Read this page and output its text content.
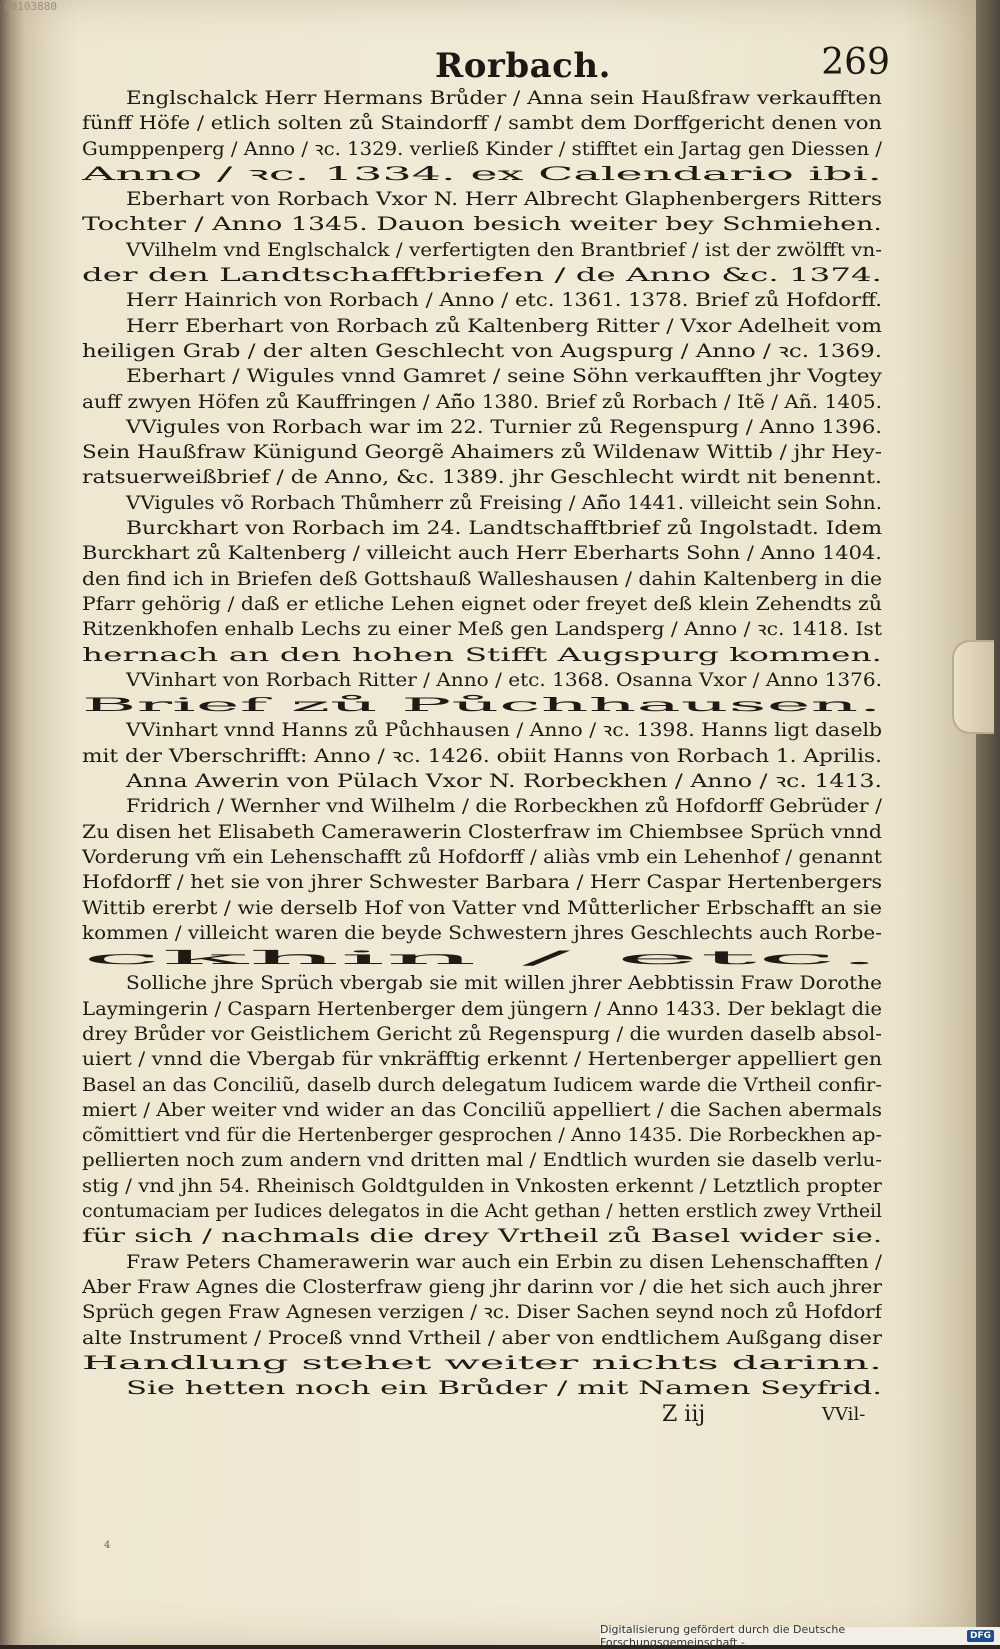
00103880
Rorbach.	269
Englschalck Herr Hermans Brůder / Anna sein Haußfraw verkaufften
fünff Höfe / etlich solten zů Staindorff / sambt dem Dorffgericht denen von
Gumppenperg / Anno / ꝛc. 1329. verließ Kinder / stifftet ein Jartag gen Diessen /
Anno / ꝛc. 1334. ex Calendario ibi.
Eberhart von Rorbach Vxor N. Herr Albrecht Glaphenbergers Ritters
Tochter / Anno 1345. Dauon besich weiter bey Schmiehen.
VVilhelm vnd Englschalck / verfertigten den Brantbrief / ist der zwölfft vn-
der den Landtschafftbriefen / de Anno &c. 1374.
Herr Hainrich von Rorbach / Anno / etc. 1361. 1378. Brief zů Hofdorff.
Herr Eberhart von Rorbach zů Kaltenberg Ritter / Vxor Adelheit vom
heiligen Grab / der alten Geschlecht von Augspurg / Anno / ꝛc. 1369.
Eberhart / Wigules vnnd Gamret / seine Söhn verkaufften jhr Vogtey
auff zwyen Höfen zů Kauffringen / Añ̃o 1380. Brief zů Rorbach / Itẽ / Añ. 1405.
VVigules von Rorbach war im 22. Turnier zů Regenspurg / Anno 1396.
Sein Haußfraw Künigund Georgẽ Ahaimers zů Wildenaw Wittib / jhr Hey-
ratsuerweißbrief / de Anno, &c. 1389. jhr Geschlecht wirdt nit benennt.
VVigules võ Rorbach Thůmherr zů Freising / Añ̃o 1441. villeicht sein Sohn.
Burckhart von Rorbach im 24. Landtschafftbrief zů Ingolstadt. Idem
Burckhart zů Kaltenberg / villeicht auch Herr Eberharts Sohn / Anno 1404.
den find ich in Briefen deß Gottshauß Walleshausen / dahin Kaltenberg in die
Pfarr gehörig / daß er etliche Lehen eignet oder freyet deß klein Zehendts zů
Ritzenkhofen enhalb Lechs zu einer Meß gen Landsperg / Anno / ꝛc. 1418. Ist
hernach an den hohen Stifft Augspurg kommen.
VVinhart von Rorbach Ritter / Anno / etc. 1368. Osanna Vxor / Anno 1376.
Brief zů Půchhausen.
VVinhart vnnd Hanns zů Půchhausen / Anno / ꝛc. 1398. Hanns ligt daselb
mit der Vberschrifft: Anno / ꝛc. 1426. obiit Hanns von Rorbach 1. Aprilis.
Anna Awerin von Pülach Vxor N. Rorbeckhen / Anno / ꝛc. 1413.
Fridrich / Wernher vnd Wilhelm / die Rorbeckhen zů Hofdorff Gebrüder /
Zu disen het Elisabeth Camerawerin Closterfraw im Chiembsee Sprüch vnnd
Vorderung vm̃ ein Lehenschafft zů Hofdorff / aliàs vmb ein Lehenhof / genannt
Hofdorff / het sie von jhrer Schwester Barbara / Herr Caspar Hertenbergers
Wittib ererbt / wie derselb Hof von Vatter vnd Můtterlicher Erbschafft an sie
kommen / villeicht waren die beyde Schwestern jhres Geschlechts auch Rorbe-
ckhin / etc.
Solliche jhre Sprüch vbergab sie mit willen jhrer Aebbtissin Fraw Dorothe
Laymingerin / Casparn Hertenberger dem jüngern / Anno 1433. Der beklagt die
drey Brůder vor Geistlichem Gericht zů Regenspurg / die wurden daselb absol-
uiert / vnnd die Vbergab für vnkräfftig erkennt / Hertenberger appelliert gen
Basel an das Conciliũ, daselb durch delegatum Iudicem warde die Vrtheil confir-
miert / Aber weiter vnd wider an das Conciliũ appelliert / die Sachen abermals
cõmittiert vnd für die Hertenberger gesprochen / Anno 1435. Die Rorbeckhen ap-
pellierten noch zum andern vnd dritten mal / Endtlich wurden sie daselb verlu-
stig / vnd jhn 54. Rheinisch Goldtgulden in Vnkosten erkennt / Letztlich propter
contumaciam per Iudices delegatos in die Acht gethan / hetten erstlich zwey Vrtheil
für sich / nachmals die drey Vrtheil zů Basel wider sie.
Fraw Peters Chamerawerin war auch ein Erbin zu disen Lehenschafften /
Aber Fraw Agnes die Closterfraw gieng jhr darinn vor / die het sich auch jhrer
Sprüch gegen Fraw Agnesen verzigen / ꝛc. Diser Sachen seynd noch zů Hofdorf
alte Instrument / Proceß vnnd Vrtheil / aber von endtlichem Außgang diser
Handlung stehet weiter nichts darinn.
Sie hetten noch ein Brůder / mit Namen Seyfrid.
Z iij	VVil-
4
Digitalisierung gefördert durch die Deutsche Forschungsgemeinschaft -	DFG
